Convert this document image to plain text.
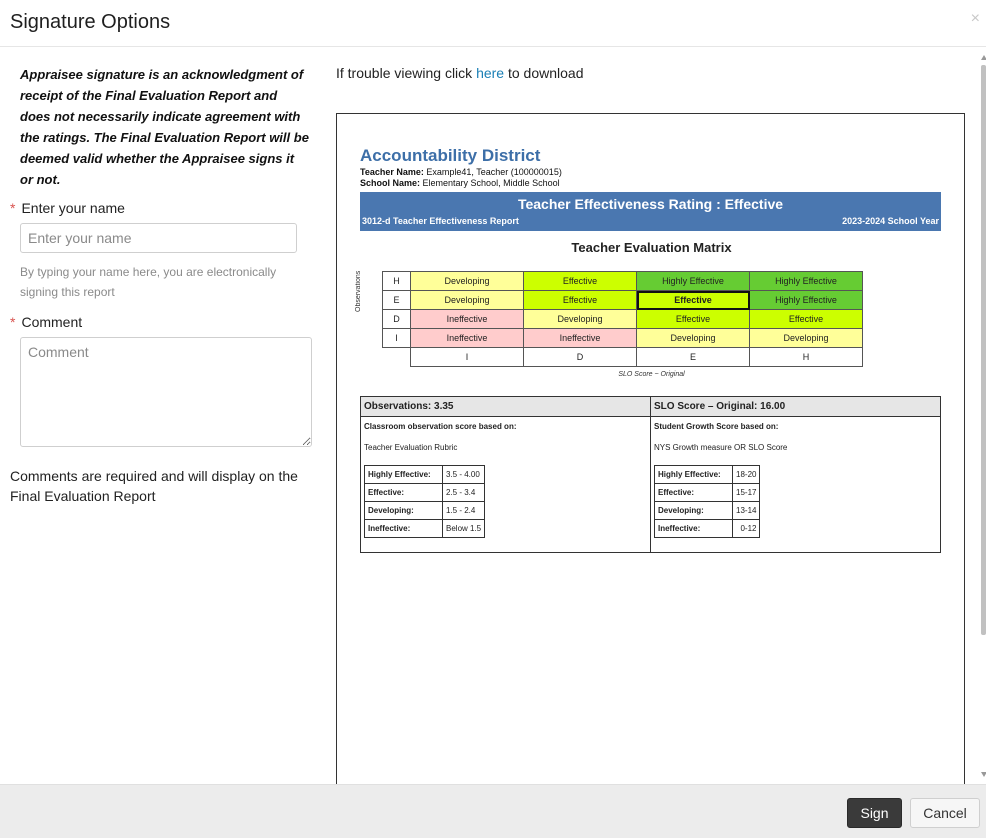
Signature Options	×
Appraisee signature is an acknowledgment of receipt of the Final Evaluation Report and does not necessarily indicate agreement with the ratings. The Final Evaluation Report will be deemed valid whether the Appraisee signs it or not.
* Enter your name
Enter your name
By typing your name here, you are electronically signing this report
* Comment
Comment
Comments are required and will display on the Final Evaluation Report
If trouble viewing click here to download
Accountability District
Teacher Name: Example41, Teacher (100000015)
School Name: Elementary School, Middle School
Teacher Effectiveness Rating : Effective
3012-d Teacher Effectiveness Report	2023-2024 School Year
Teacher Evaluation Matrix
Observations	H	Developing	Effective	Highly Effective	Highly Effective
E	Developing	Effective	Effective	Highly Effective
D	Ineffective	Developing	Effective	Effective
I	Ineffective	Ineffective	Developing	Developing
	I	D	E	H
SLO Score ~ Original
Observations: 3.35
Classroom observation score based on:
Teacher Evaluation Rubric
Highly Effective:	3.5 - 4.00
Effective:	2.5 - 3.4
Developing:	1.5 - 2.4
Ineffective:	Below 1.5
SLO Score – Original: 16.00
Student Growth Score based on:
NYS Growth measure OR SLO Score
Highly Effective:	18-20
Effective:	15-17
Developing:	13-14
Ineffective:	0-12
Sign	Cancel
